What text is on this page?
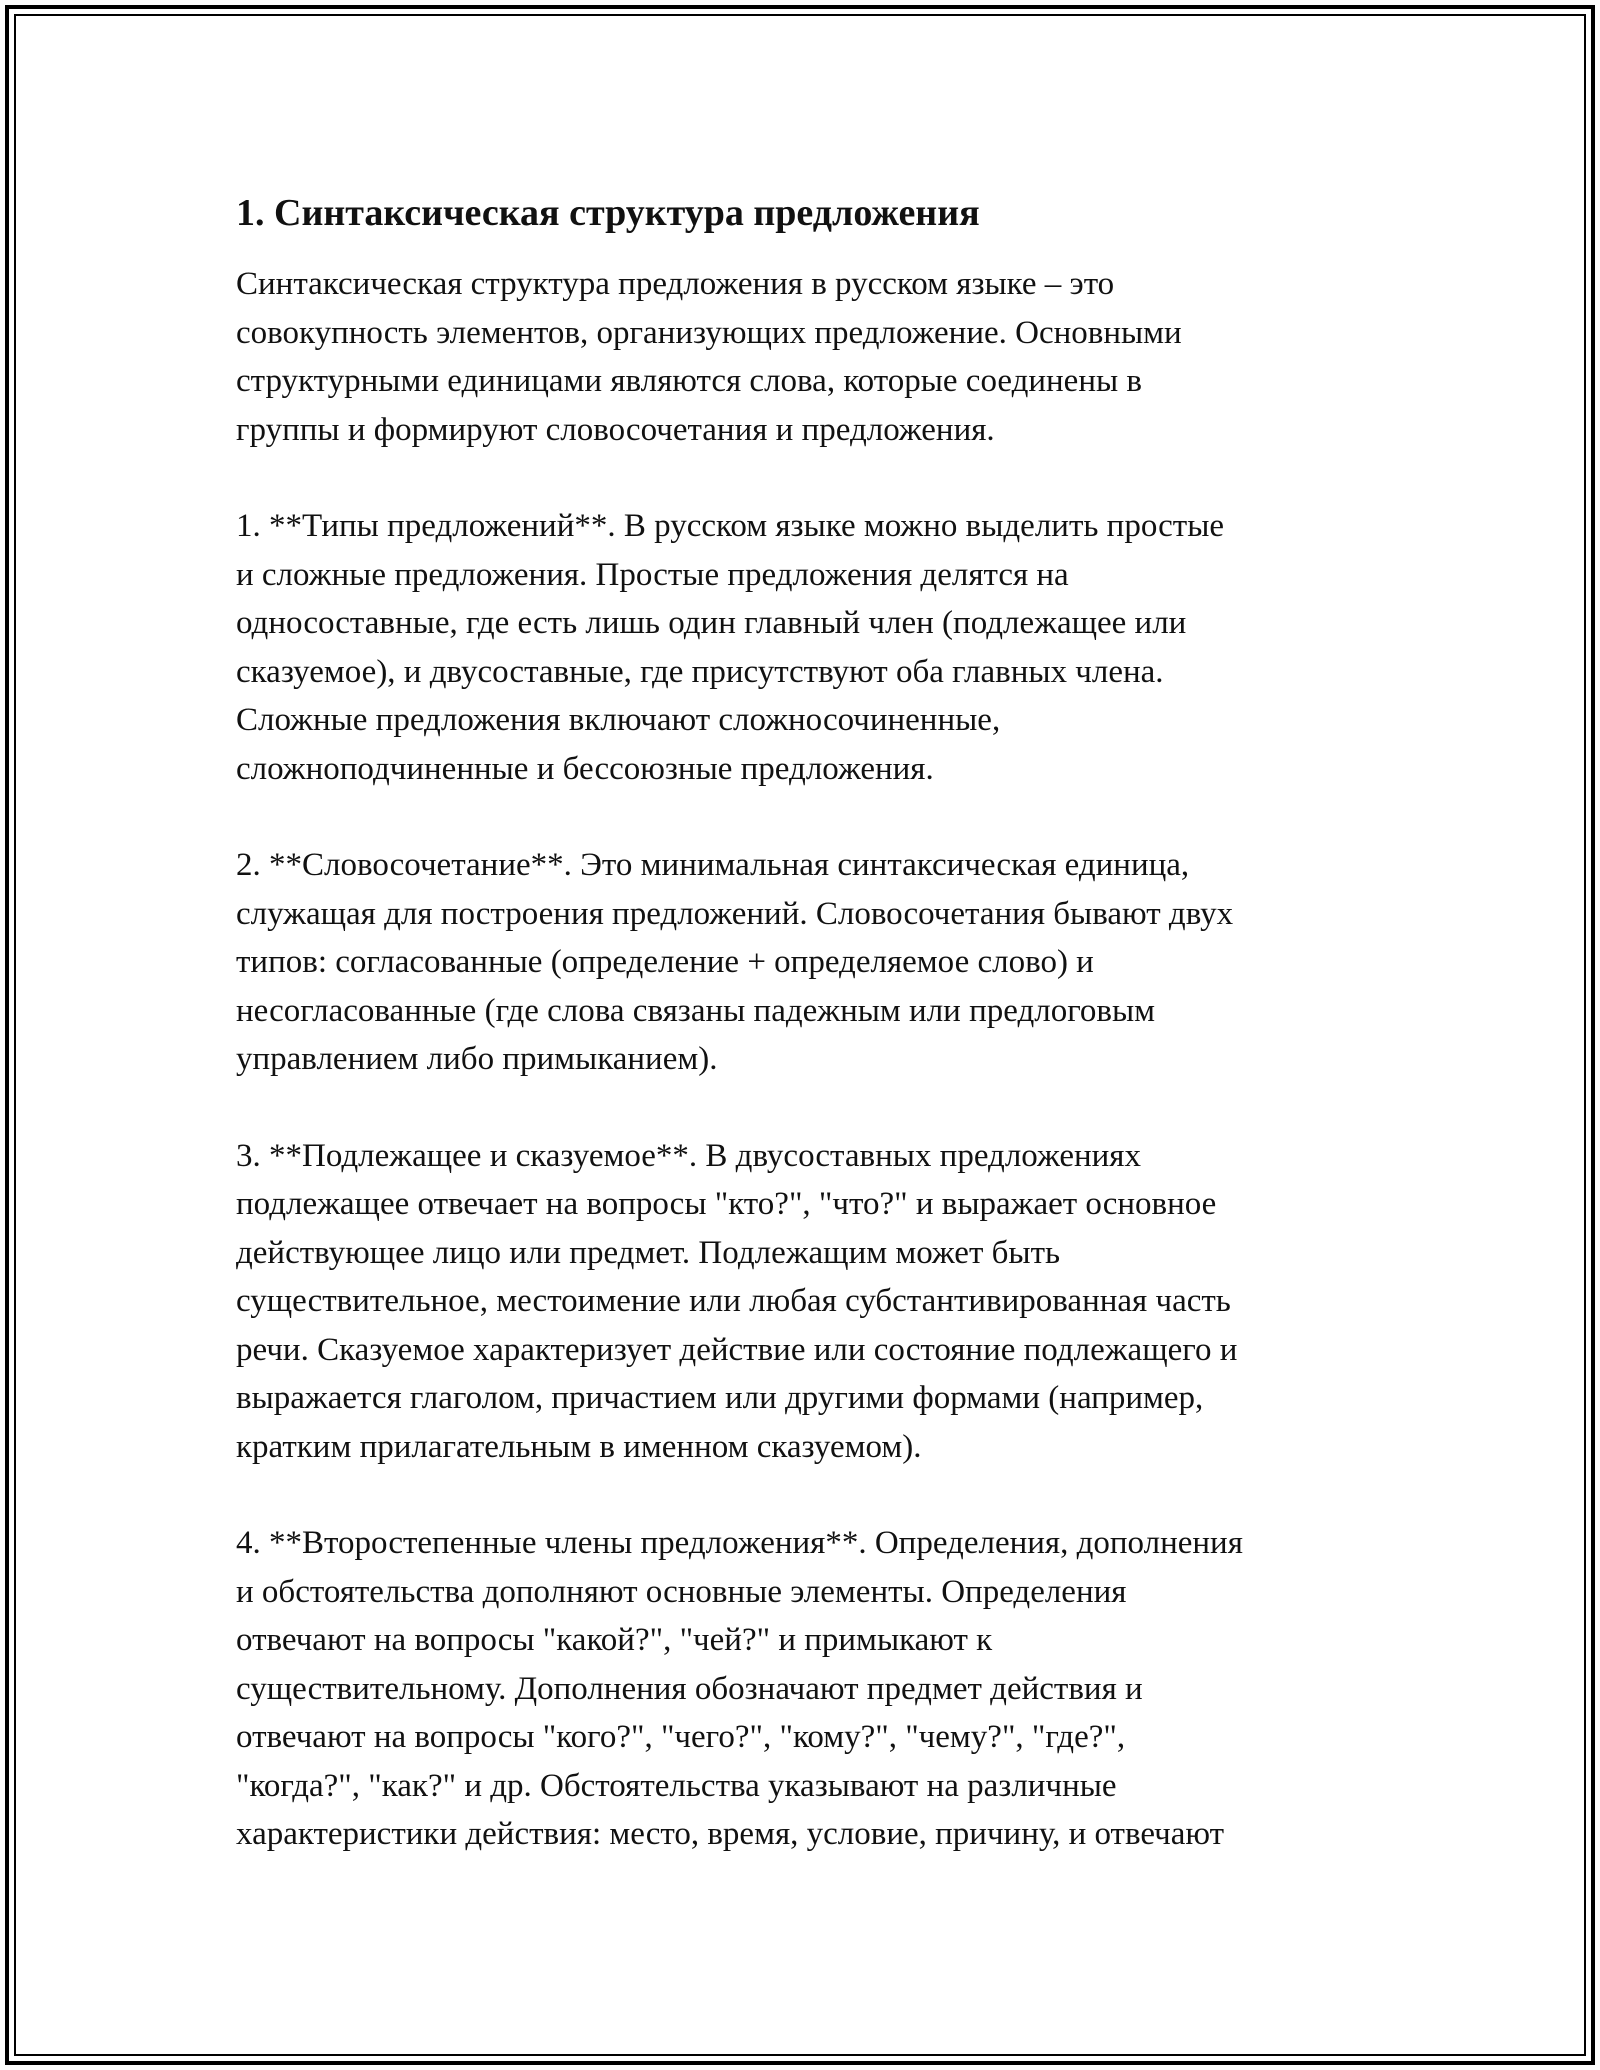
1. Синтаксическая структура предложения

Синтаксическая структура предложения в русском языке – это
совокупность элементов, организующих предложение. Основными
структурными единицами являются слова, которые соединены в
группы и формируют словосочетания и предложения.

1. **Типы предложений**. В русском языке можно выделить простые
и сложные предложения. Простые предложения делятся на
односоставные, где есть лишь один главный член (подлежащее или
сказуемое), и двусоставные, где присутствуют оба главных члена.
Сложные предложения включают сложносочиненные,
сложноподчиненные и бессоюзные предложения.

2. **Словосочетание**. Это минимальная синтаксическая единица,
служащая для построения предложений. Словосочетания бывают двух
типов: согласованные (определение + определяемое слово) и
несогласованные (где слова связаны падежным или предлоговым
управлением либо примыканием).

3. **Подлежащее и сказуемое**. В двусоставных предложениях
подлежащее отвечает на вопросы "кто?", "что?" и выражает основное
действующее лицо или предмет. Подлежащим может быть
существительное, местоимение или любая субстантивированная часть
речи. Сказуемое характеризует действие или состояние подлежащего и
выражается глаголом, причастием или другими формами (например,
кратким прилагательным в именном сказуемом).

4. **Второстепенные члены предложения**. Определения, дополнения
и обстоятельства дополняют основные элементы. Определения
отвечают на вопросы "какой?", "чей?" и примыкают к
существительному. Дополнения обозначают предмет действия и
отвечают на вопросы "кого?", "чего?", "кому?", "чему?", "где?",
"когда?", "как?" и др. Обстоятельства указывают на различные
характеристики действия: место, время, условие, причину, и отвечают
